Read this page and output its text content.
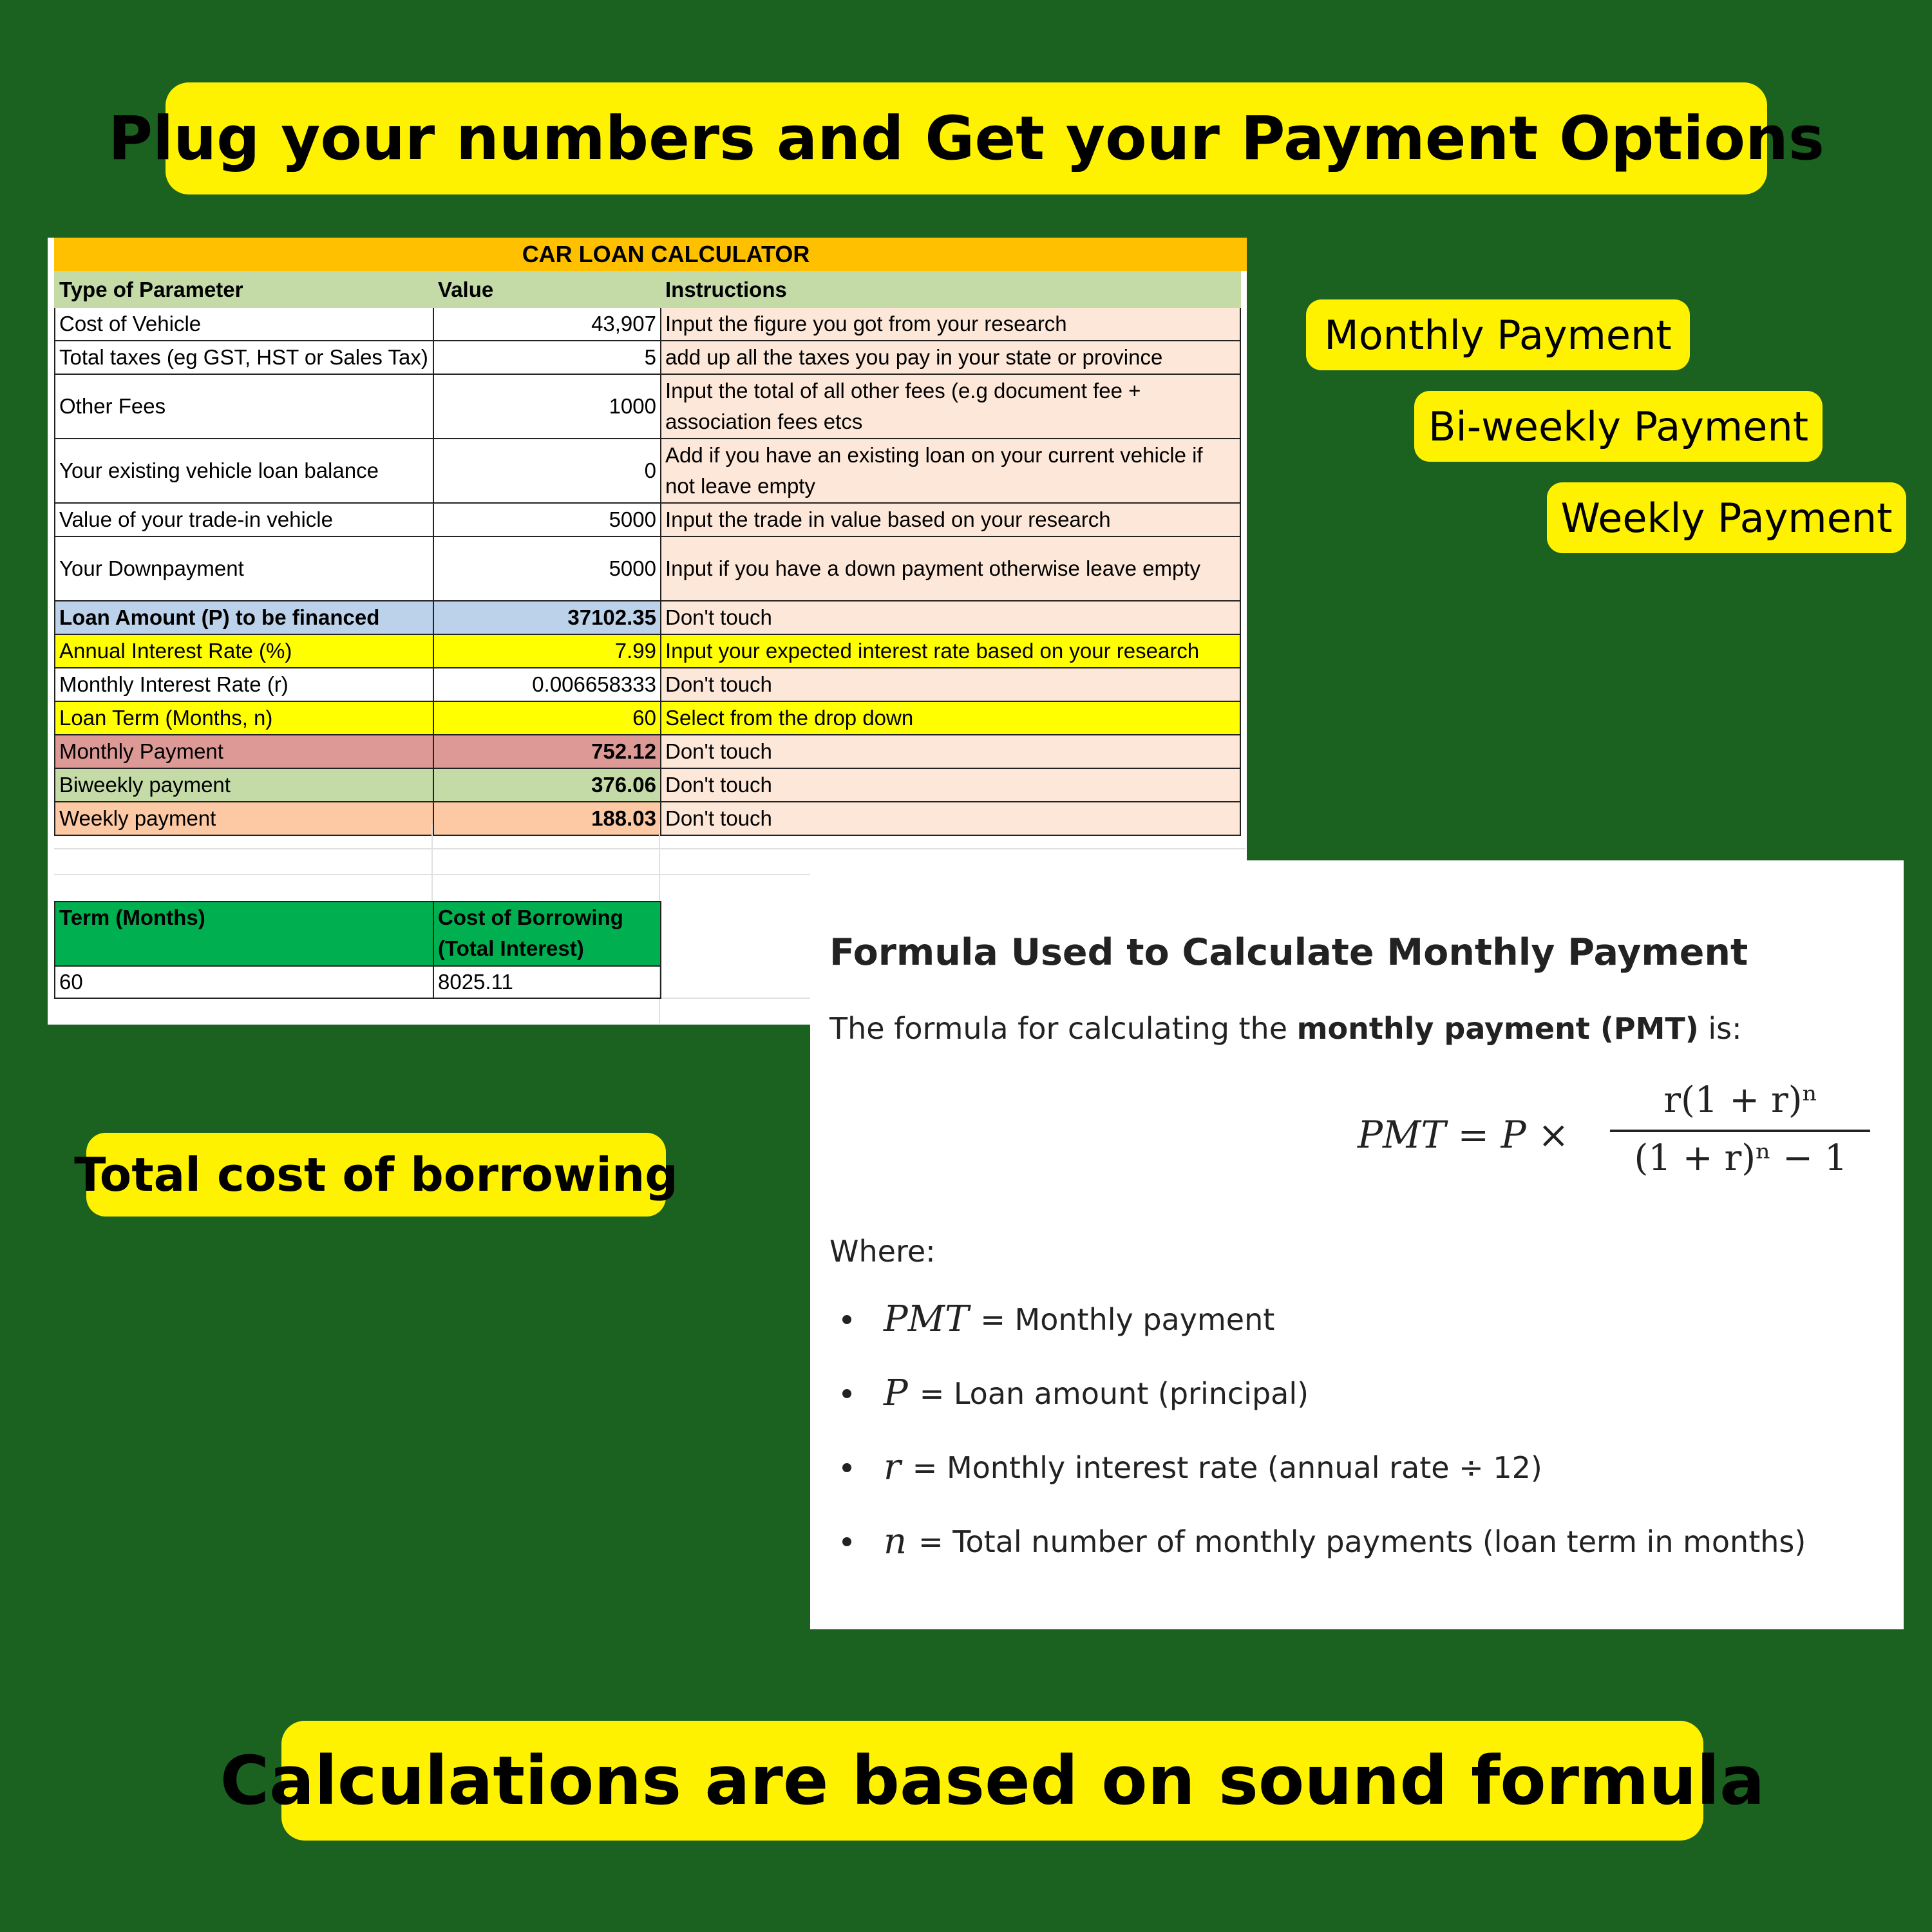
Plug your numbers and Get your Payment Options
CAR LOAN CALCULATOR
Type of Parameter	Value	Instructions
Cost of Vehicle	43,907	Input the figure you got from your research
Total taxes (eg GST, HST or Sales Tax)	5	add up all the taxes you pay in your state or province
Other Fees	1000	Input the total of all other fees (e.g document fee + association fees etcs
Your existing vehicle loan balance	0	Add if you have an existing loan on your current vehicle if not leave empty
Value of your trade-in vehicle	5000	Input the trade in value based on your research
Your Downpayment	5000	Input if you have a down payment otherwise leave empty
Loan Amount (P) to be financed	37102.35	Don't touch
Annual Interest Rate (%)	7.99	Input your expected interest rate based on your research
Monthly Interest Rate (r)	0.006658333	Don't touch
Loan Term (Months, n)	60	Select from the drop down
Monthly Payment	752.12	Don't touch
Biweekly payment	376.06	Don't touch
Weekly payment	188.03	Don't touch
Term (Months)	Cost of Borrowing (Total Interest)
60	8025.11
Monthly Payment
Bi-weekly Payment
Weekly Payment
Total cost of borrowing
Formula Used to Calculate Monthly Payment
The formula for calculating the monthly payment (PMT) is:
PMT = P ×
r(1 + r)ⁿ
(1 + r)ⁿ − 1
Where:
PMT = Monthly payment
P = Loan amount (principal)
r = Monthly interest rate (annual rate ÷ 12)
n = Total number of monthly payments (loan term in months)
Calculations are based on sound formula
